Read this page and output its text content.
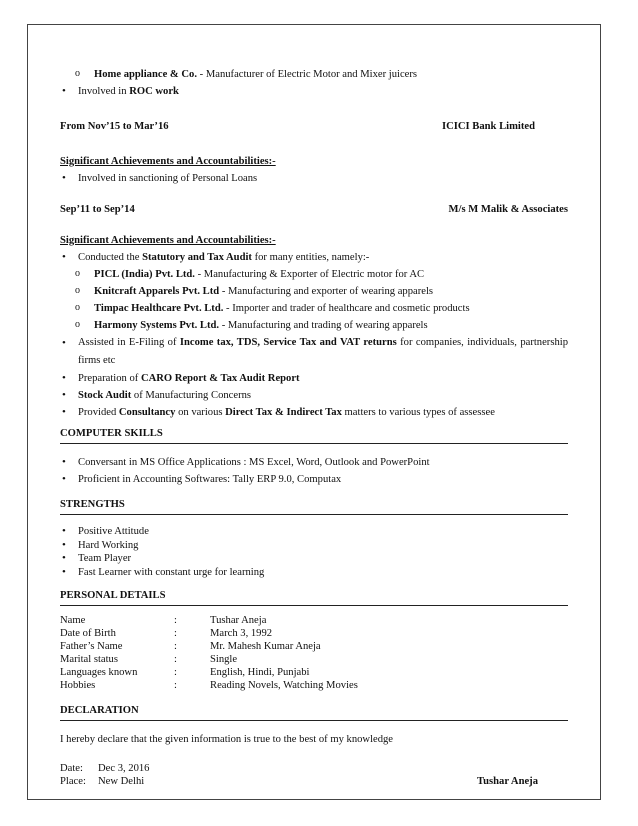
o Home appliance & Co. - Manufacturer of Electric Motor and Mixer juicers
• Involved in ROC work
From Nov’15 to Mar’16	ICICI Bank Limited
Significant Achievements and Accountabilities:-
• Involved in sanctioning of Personal Loans
Sep’11 to Sep’14	M/s M Malik & Associates
Significant Achievements and Accountabilities:-
• Conducted the Statutory and Tax Audit for many entities, namely:-
o PICL (India) Pvt. Ltd. - Manufacturing & Exporter of Electric motor for AC
o Knitcraft Apparels Pvt. Ltd - Manufacturing and exporter of wearing apparels
o Timpac Healthcare Pvt. Ltd. - Importer and trader of healthcare and cosmetic products
o Harmony Systems Pvt. Ltd. - Manufacturing and trading of wearing apparels
• Assisted in E-Filing of Income tax, TDS, Service Tax and VAT returns for companies, individuals, partnership firms etc
• Preparation of CARO Report & Tax Audit Report
• Stock Audit of Manufacturing Concerns
• Provided Consultancy on various Direct Tax & Indirect Tax matters to various types of assessee
COMPUTER SKILLS
• Conversant in MS Office Applications : MS Excel, Word, Outlook and PowerPoint
• Proficient in Accounting Softwares: Tally ERP 9.0, Computax
STRENGTHS
• Positive Attitude
• Hard Working
• Team Player
• Fast Learner with constant urge for learning
PERSONAL DETAILS
Name	:	Tushar Aneja
Date of Birth	:	March 3, 1992
Father’s Name	:	Mr. Mahesh Kumar Aneja
Marital status	:	Single
Languages known	:	English, Hindi, Punjabi
Hobbies	:	Reading Novels, Watching Movies
DECLARATION
I hereby declare that the given information is true to the best of my knowledge
Date: Dec 3, 2016
Place: New Delhi	Tushar Aneja
